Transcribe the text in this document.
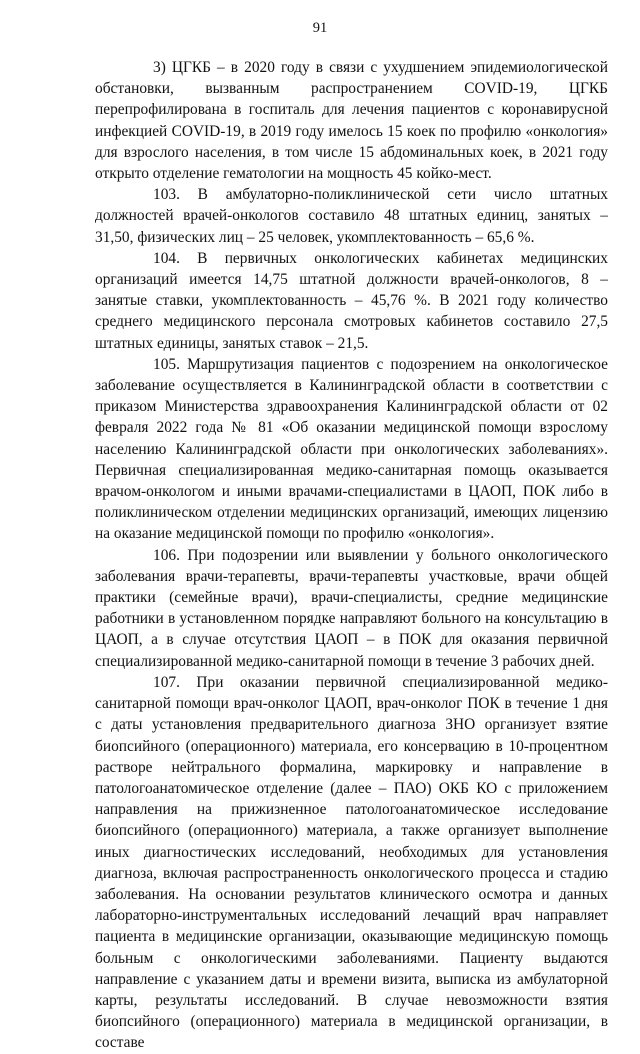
91

3) ЦГКБ – в 2020 году в связи с ухудшением эпидемиологической обстановки, вызванным распространением COVID-19, ЦГКБ перепрофилирована в госпиталь для лечения пациентов с коронавирусной инфекцией COVID-19, в 2019 году имелось 15 коек по профилю «онкология» для взрослого населения, в том числе 15 абдоминальных коек, в 2021 году открыто отделение гематологии на мощность 45 койко-мест.

103. В амбулаторно-поликлинической сети число штатных должностей врачей-онкологов составило 48 штатных единиц, занятых – 31,50, физических лиц – 25 человек, укомплектованность – 65,6 %.

104. В первичных онкологических кабинетах медицинских организаций имеется 14,75 штатной должности врачей-онкологов, 8 – занятые ставки, укомплектованность – 45,76 %. В 2021 году количество среднего медицинского персонала смотровых кабинетов составило 27,5 штатных единицы, занятых ставок – 21,5.

105. Маршрутизация пациентов с подозрением на онкологическое заболевание осуществляется в Калининградской области в соответствии с приказом Министерства здравоохранения Калининградской области от 02 февраля 2022 года № 81 «Об оказании медицинской помощи взрослому населению Калининградской области при онкологических заболеваниях». Первичная специализированная медико-санитарная помощь оказывается врачом-онкологом и иными врачами-специалистами в ЦАОП, ПОК либо в поликлиническом отделении медицинских организаций, имеющих лицензию на оказание медицинской помощи по профилю «онкология».

106. При подозрении или выявлении у больного онкологического заболевания врачи-терапевты, врачи-терапевты участковые, врачи общей практики (семейные врачи), врачи-специалисты, средние медицинские работники в установленном порядке направляют больного на консультацию в ЦАОП, а в случае отсутствия ЦАОП – в ПОК для оказания первичной специализированной медико-санитарной помощи в течение 3 рабочих дней.

107. При оказании первичной специализированной медико-санитарной помощи врач-онколог ЦАОП, врач-онколог ПОК в течение 1 дня с даты установления предварительного диагноза ЗНО организует взятие биопсийного (операционного) материала, его консервацию в 10-процентном растворе нейтрального формалина, маркировку и направление в патологоанатомическое отделение (далее – ПАО) ОКБ КО с приложением направления на прижизненное патологоанатомическое исследование биопсийного (операционного) материала, а также организует выполнение иных диагностических исследований, необходимых для установления диагноза, включая распространенность онкологического процесса и стадию заболевания. На основании результатов клинического осмотра и данных лабораторно-инструментальных исследований лечащий врач направляет пациента в медицинские организации, оказывающие медицинскую помощь больным с онкологическими заболеваниями. Пациенту выдаются направление с указанием даты и времени визита, выписка из амбулаторной карты, результаты исследований. В случае невозможности взятия биопсийного (операционного) материала в медицинской организации, в составе
